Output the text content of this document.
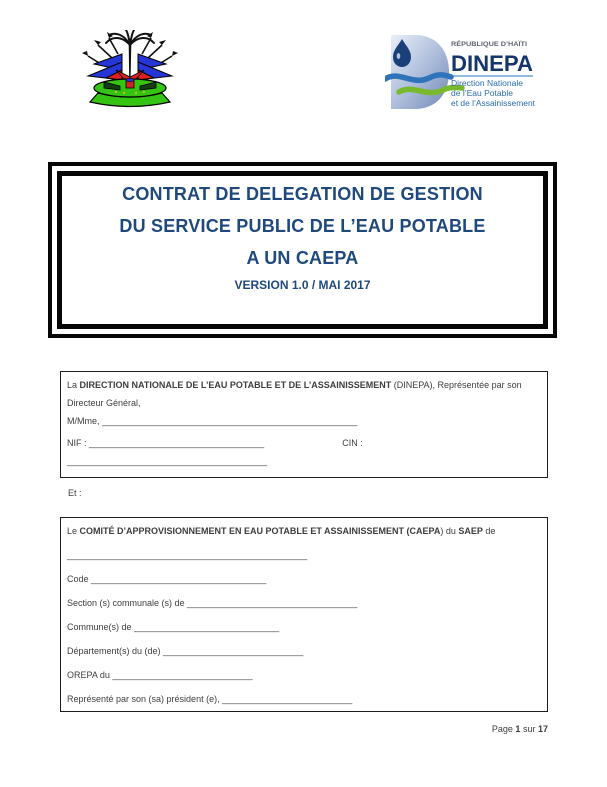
RÉPUBLIQUE D’HAÏTI
DINEPA
Direction Nationale
de l’Eau Potable
et de l’Assainissement
CONTRAT DE DELEGATION DE GESTION
DU SERVICE PUBLIC DE L’EAU POTABLE
A UN CAEPA
VERSION 1.0 / MAI 2017

La DIRECTION NATIONALE DE L’EAU POTABLE ET DE L’ASSAINISSEMENT (DINEPA), Représentée par son Directeur Général,

M/Mme, ___________________________________________________

NIF : ___________________________________	CIN :

________________________________________

Et :

Le COMITÉ D’APPROVISIONNEMENT EN EAU POTABLE ET ASSAINISSEMENT (CAEPA) du SAEP de

________________________________________________

Code ___________________________________

Section (s) communale (s) de __________________________________

Commune(s) de _____________________________

Département(s) du (de) ____________________________

OREPA du ____________________________

Représenté par son (sa) président (e), __________________________

Page 1 sur 17
